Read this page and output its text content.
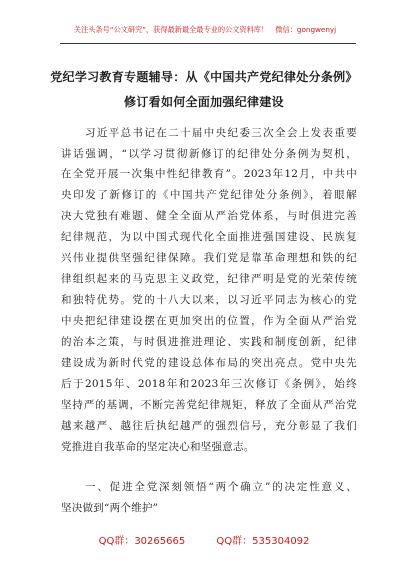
关注头条号“公文研究”，获得最新最全最专业的公文资料库！　微信：gongwenyj
党纪学习教育专题辅导：从《中国共产党纪律处分条例》
修订看如何全面加强纪律建设
习近平总书记在二十届中央纪委三次全会上发表重要
讲话强调，“以学习贯彻新修订的纪律处分条例为契机，
在全党开展一次集中性纪律教育”。2023年12月，中共中
央印发了新修订的《中国共产党纪律处分条例》，着眼解
决大党独有难题、健全全面从严治党体系，与时俱进完善
纪律规范，为以中国式现代化全面推进强国建设、民族复
兴伟业提供坚强纪律保障。我们党是靠革命理想和铁的纪
律组织起来的马克思主义政党，纪律严明是党的光荣传统
和独特优势。党的十八大以来，以习近平同志为核心的党
中央把纪律建设摆在更加突出的位置，作为全面从严治党
的治本之策，与时俱进推进理论、实践和制度创新，纪律
建设成为新时代党的建设总体布局的突出亮点。党中央先
后于2015年、2018年和2023年三次修订《条例》，始终
坚持严的基调，不断完善党纪律规矩，释放了全面从严治党
越来越严、越往后执纪越严的强烈信号，充分彰显了我们
党推进自我革命的坚定决心和坚强意志。
一、促进全党深刻领悟“两个确立”的决定性意义、
坚决做到“两个维护”
QQ群：30265665	QQ群：535304092
